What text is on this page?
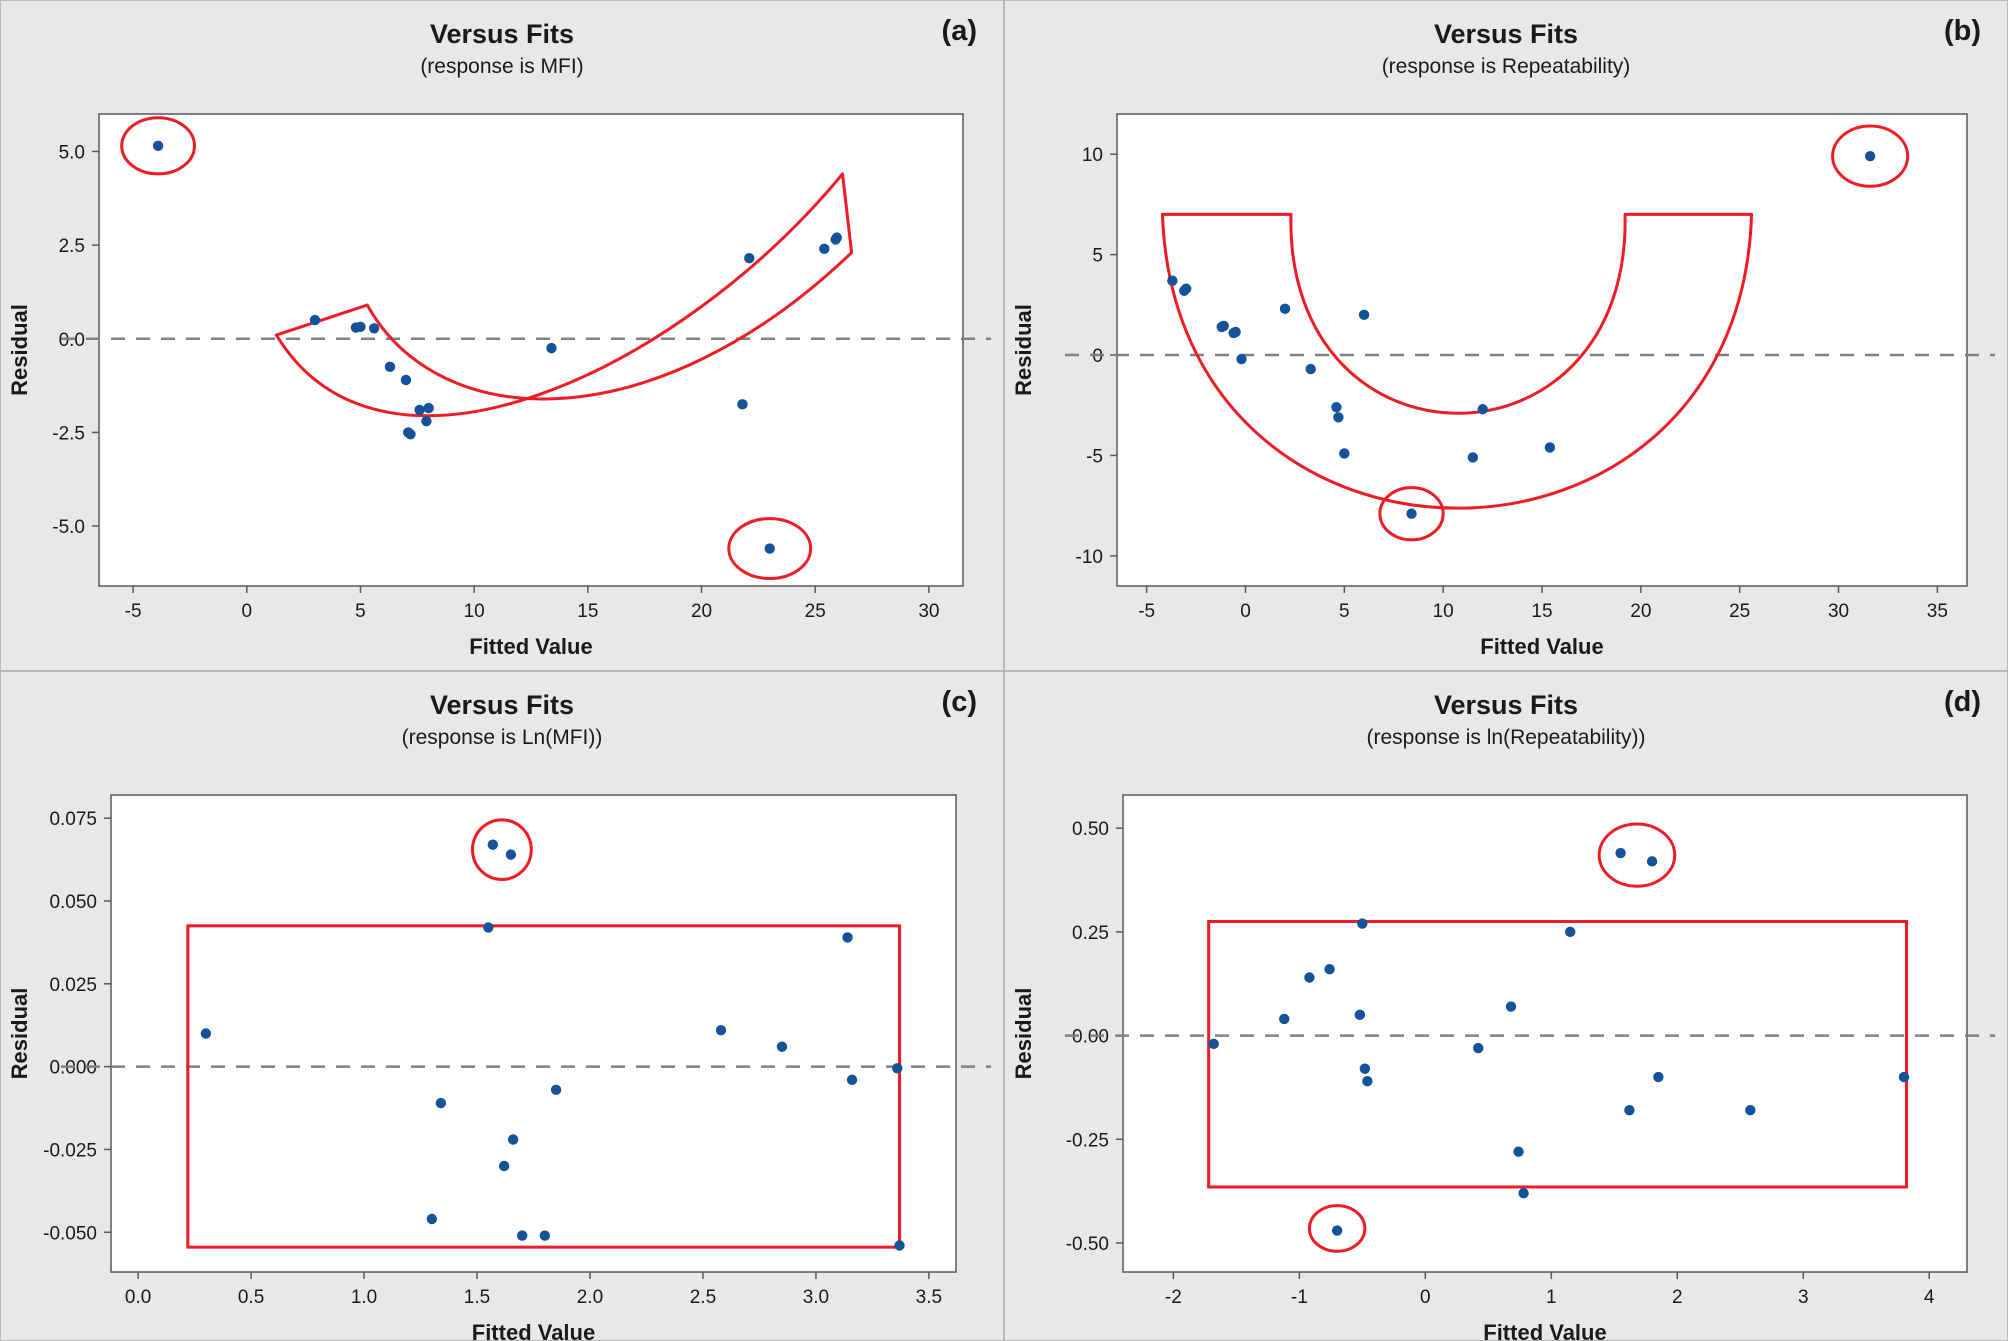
Versus Fits
(response is MFI)
(a)
-5	0	5	10	15	20	25	30
-5.0
-2.5
0.0
2.5
5.0
Fitted Value
Residual
Versus Fits
(response is Repeatability)
(b)
-5	0	5	10	15	20	25	30	35
-10
-5
0
5
10
Fitted Value
Residual
Versus Fits
(response is Ln(MFI))
(c)
0.0	0.5	1.0	1.5	2.0	2.5	3.0	3.5
-0.050
-0.025
0.000
0.025
0.050
0.075
Fitted Value
Residual
Versus Fits
(response is ln(Repeatability))
(d)
-2	-1	0	1	2	3	4
-0.50
-0.25
0.00
0.25
0.50
Fitted Value
Residual
